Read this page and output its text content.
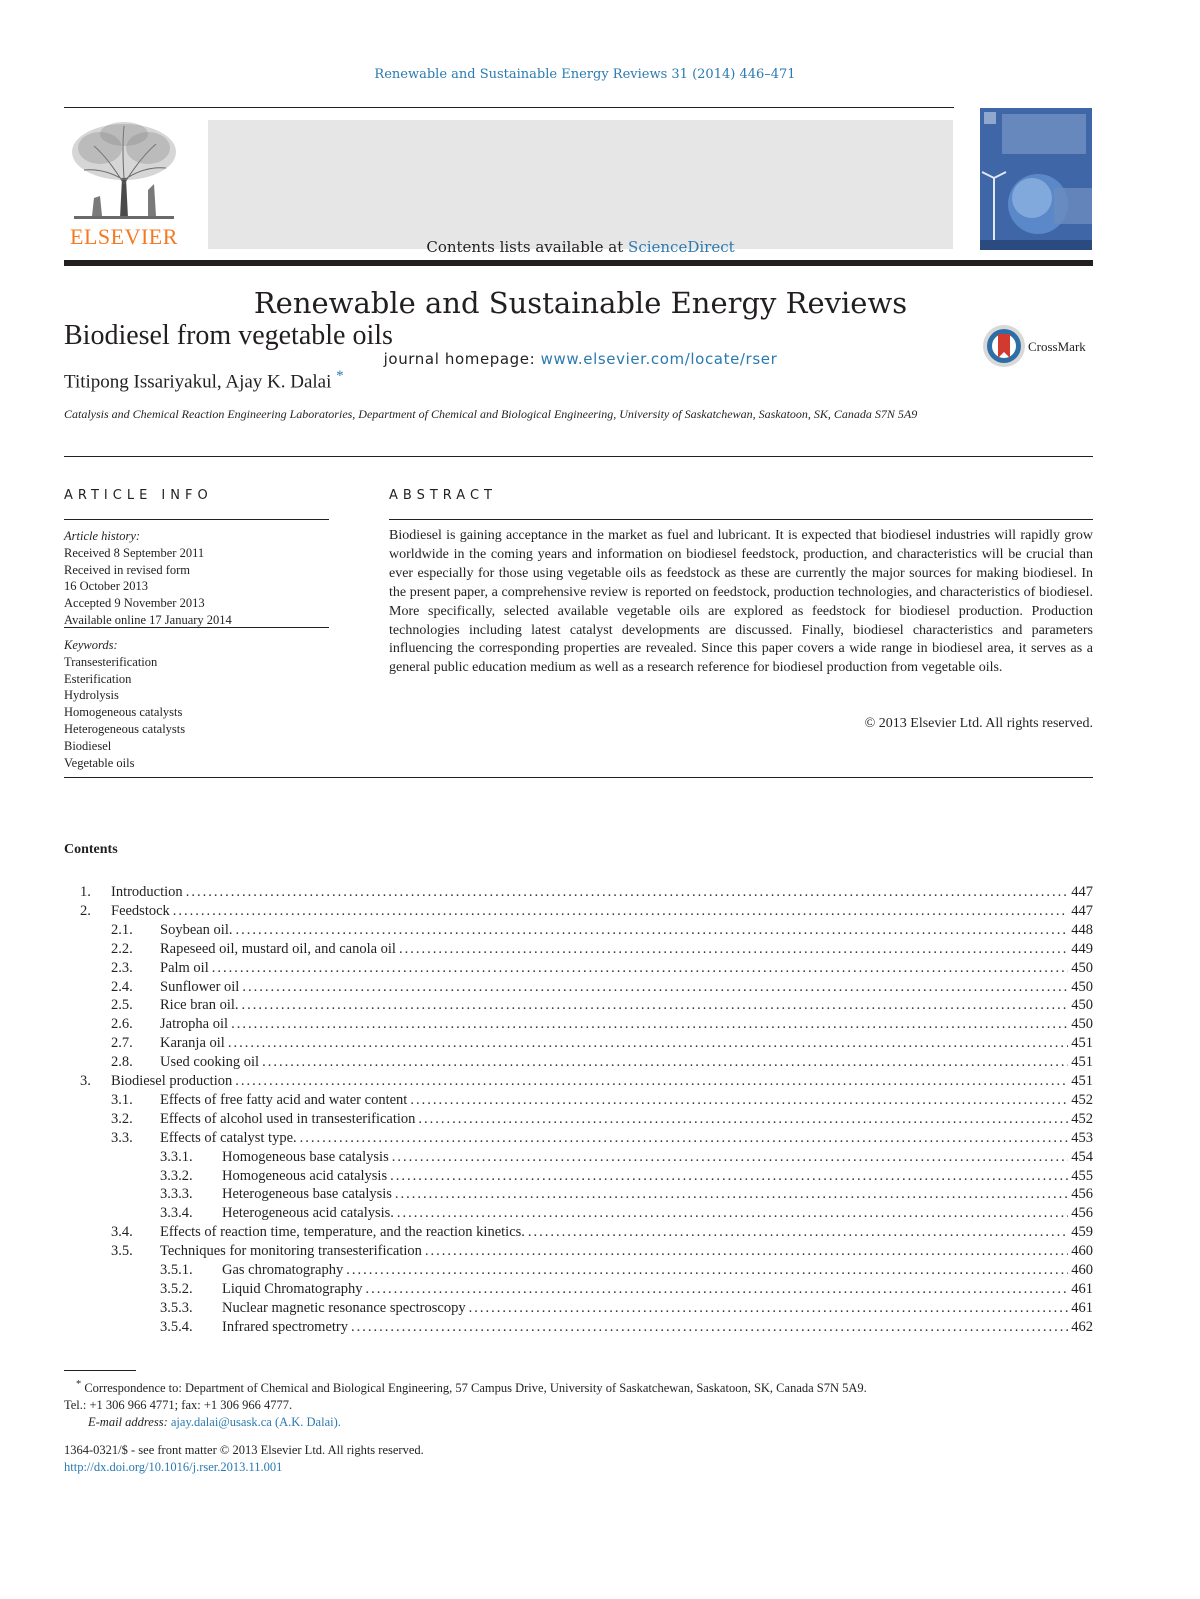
Renewable and Sustainable Energy Reviews 31 (2014) 446–471
ELSEVIER	Contents lists available at ScienceDirect
Renewable and Sustainable Energy Reviews
journal homepage: www.elsevier.com/locate/rser
Biodiesel from vegetable oils
Titipong Issariyakul, Ajay K. Dalai *
CrossMark
Catalysis and Chemical Reaction Engineering Laboratories, Department of Chemical and Biological Engineering, University of Saskatchewan, Saskatoon, SK, Canada S7N 5A9
ARTICLE INFO
Article history:
Received 8 September 2011
Received in revised form
16 October 2013
Accepted 9 November 2013
Available online 17 January 2014
Keywords:
Transesterification
Esterification
Hydrolysis
Homogeneous catalysts
Heterogeneous catalysts
Biodiesel
Vegetable oils
ABSTRACT
Biodiesel is gaining acceptance in the market as fuel and lubricant. It is expected that biodiesel industries will rapidly grow worldwide in the coming years and information on biodiesel feedstock, production, and characteristics will be crucial than ever especially for those using vegetable oils as feedstock as these are currently the major sources for making biodiesel. In the present paper, a comprehensive review is reported on feedstock, production technologies, and characteristics of biodiesel. More specifically, selected available vegetable oils are explored as feedstock for biodiesel production. Production technologies including latest catalyst developments are discussed. Finally, biodiesel characteristics and parameters influencing the corresponding properties are revealed. Since this paper covers a wide range in biodiesel area, it serves as a general public education medium as well as a research reference for biodiesel production from vegetable oils.
© 2013 Elsevier Ltd. All rights reserved.
Contents
1.	Introduction .....	447
2.	Feedstock .....	447
2.1.	Soybean oil. .....	448
2.2.	Rapeseed oil, mustard oil, and canola oil .....	449
2.3.	Palm oil .....	450
2.4.	Sunflower oil .....	450
2.5.	Rice bran oil. .....	450
2.6.	Jatropha oil .....	450
2.7.	Karanja oil .....	451
2.8.	Used cooking oil .....	451
3.	Biodiesel production .....	451
3.1.	Effects of free fatty acid and water content .....	452
3.2.	Effects of alcohol used in transesterification .....	452
3.3.	Effects of catalyst type. .....	453
3.3.1.	Homogeneous base catalysis .....	454
3.3.2.	Homogeneous acid catalysis .....	455
3.3.3.	Heterogeneous base catalysis .....	456
3.3.4.	Heterogeneous acid catalysis. .....	456
3.4.	Effects of reaction time, temperature, and the reaction kinetics. .....	459
3.5.	Techniques for monitoring transesterification .....	460
3.5.1.	Gas chromatography .....	460
3.5.2.	Liquid Chromatography .....	461
3.5.3.	Nuclear magnetic resonance spectroscopy .....	461
3.5.4.	Infrared spectrometry .....	462
* Correspondence to: Department of Chemical and Biological Engineering, 57 Campus Drive, University of Saskatchewan, Saskatoon, SK, Canada S7N 5A9.
Tel.: +1 306 966 4771; fax: +1 306 966 4777.
E-mail address: ajay.dalai@usask.ca (A.K. Dalai).
1364-0321/$ - see front matter © 2013 Elsevier Ltd. All rights reserved.
http://dx.doi.org/10.1016/j.rser.2013.11.001
